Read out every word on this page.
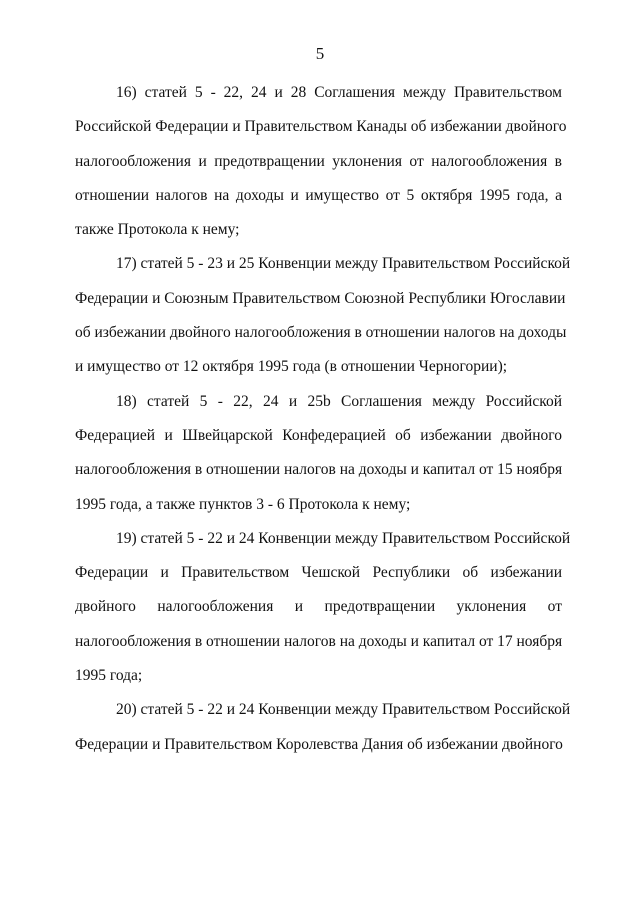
5

16) статей 5 - 22, 24 и 28 Соглашения между Правительством
Российской Федерации и Правительством Канады об избежании двойного
налогообложения и предотвращении уклонения от налогообложения в
отношении налогов на доходы и имущество от 5 октября 1995 года, а
также Протокола к нему;

17) статей 5 - 23 и 25 Конвенции между Правительством Российской
Федерации и Союзным Правительством Союзной Республики Югославии
об избежании двойного налогообложения в отношении налогов на доходы
и имущество от 12 октября 1995 года (в отношении Черногории);

18) статей 5 - 22, 24 и 25b Соглашения между Российской
Федерацией и Швейцарской Конфедерацией об избежании двойного
налогообложения в отношении налогов на доходы и капитал от 15 ноября
1995 года, а также пунктов 3 - 6 Протокола к нему;

19) статей 5 - 22 и 24 Конвенции между Правительством Российской
Федерации и Правительством Чешской Республики об избежании
двойного налогообложения и предотвращении уклонения от
налогообложения в отношении налогов на доходы и капитал от 17 ноября
1995 года;

20) статей 5 - 22 и 24 Конвенции между Правительством Российской
Федерации и Правительством Королевства Дания об избежании двойного
